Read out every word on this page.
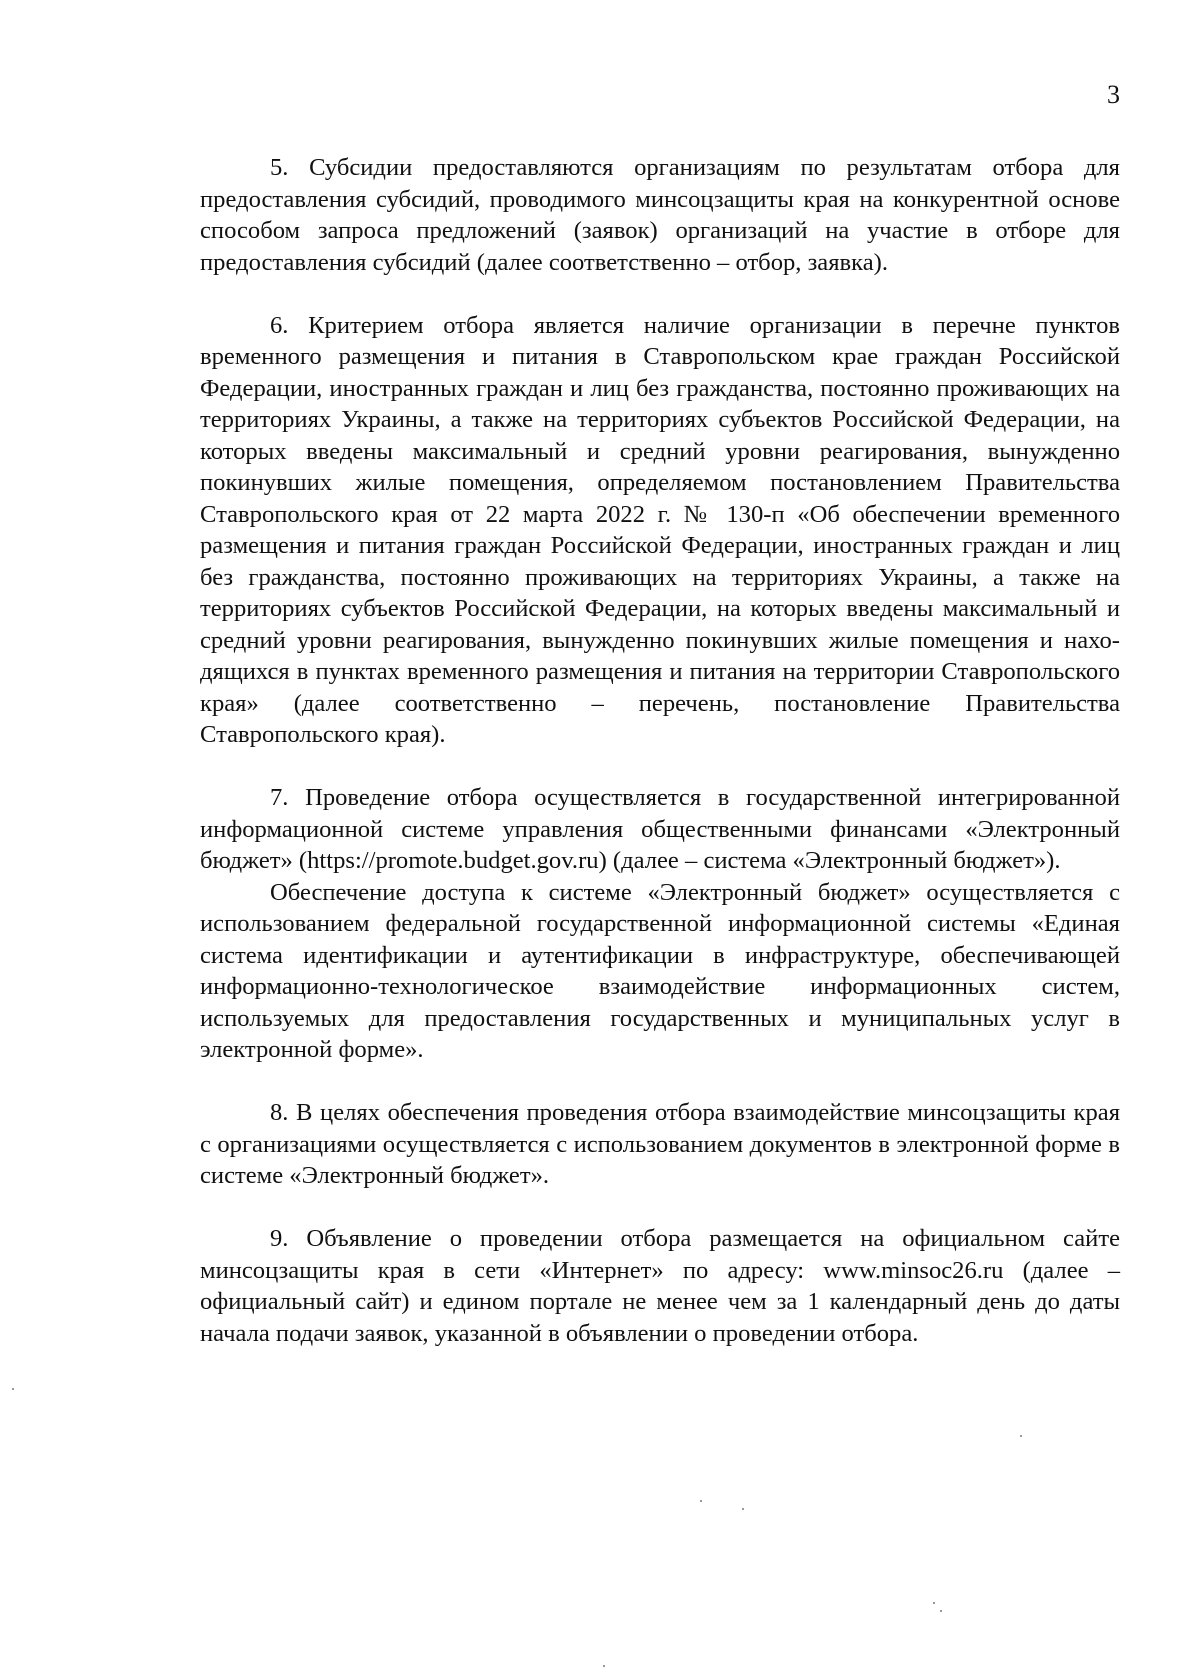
3

5. Субсидии предоставляются организациям по результатам отбора для предоставления субсидий, проводимого минсоцзащиты края на конкурентной основе способом запроса предложений (заявок) организаций на участие в отборе для предоставления субсидий (далее соответственно – отбор, заявка).

6. Критерием отбора является наличие организации в перечне пунктов временного размещения и питания в Ставропольском крае граждан Российской Федерации, иностранных граждан и лиц без гражданства, постоянно проживающих на территориях Украины, а также на территориях субъектов Российской Федерации, на которых введены максимальный и средний уровни реагирования, вынужденно покинувших жилые помещения, определяемом постановлением Правительства Ставропольского края от 22 марта 2022 г. № 130-п «Об обеспечении временного размещения и питания граждан Российской Федерации, иностранных граждан и лиц без гражданства, постоянно проживающих на территориях Украины, а также на территориях субъектов Российской Федерации, на которых введены максимальный и средний уровни реагирования, вынужденно покинувших жилые помещения и находящихся в пунктах временного размещения и питания на территории Ставропольского края» (далее соответственно – перечень, постановление Правительства Ставропольского края).

7. Проведение отбора осуществляется в государственной интегрированной информационной системе управления общественными финансами «Электронный бюджет» (https://promote.budget.gov.ru) (далее – система «Электронный бюджет»).

Обеспечение доступа к системе «Электронный бюджет» осуществляется с использованием федеральной государственной информационной системы «Единая система идентификации и аутентификации в инфраструктуре, обеспечивающей информационно-технологическое взаимодействие информационных систем, используемых для предоставления государственных и муниципальных услуг в электронной форме».

8. В целях обеспечения проведения отбора взаимодействие минсоцзащиты края с организациями осуществляется с использованием документов в электронной форме в системе «Электронный бюджет».

9. Объявление о проведении отбора размещается на официальном сайте минсоцзащиты края в сети «Интернет» по адресу: www.minsoc26.ru (далее – официальный сайт) и едином портале не менее чем за 1 календарный день до даты начала подачи заявок, указанной в объявлении о проведении отбора.
